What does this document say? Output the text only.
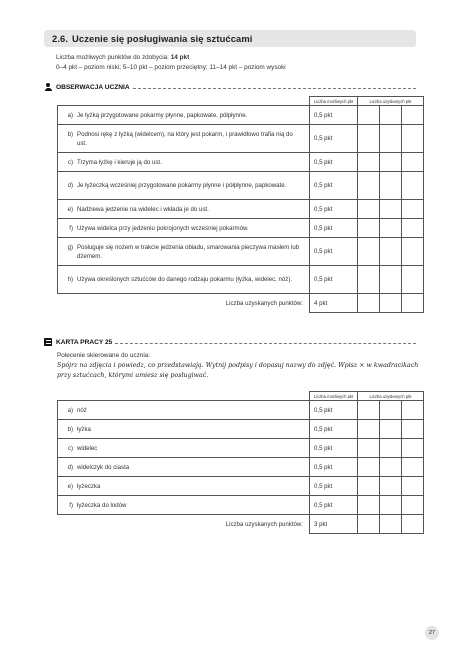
2.6. Uczenie się posługiwania się sztućcami
Liczba możliwych punktów do zdobycia: 14 pkt
0–4 pkt – poziom niski; 5–10 pkt – poziom przeciętny; 11–14 pkt – poziom wysoki
OBSERWACJA UCZNIA
	Liczba możliwych pkt	Liczba uzyskanych pkt		

a) Je łyżką przygotowane pokarmy płynne, papkowate, półpłynne.	0,5 pkt			

b) Podnosi rękę z łyżką (widelcem), na który jest pokarm, i prawidłowo trafia nią do ust.	0,5 pkt			

c) Trzyma łyżkę i kieruje ją do ust.	0,5 pkt			

d) Je łyżeczką wcześniej przygotowane pokarmy płynne i półpłynne, papkowate.	0,5 pkt			

e) Nadziewa jedzenie na widelec i wkłada je do ust.	0,5 pkt			

f) Używa widelca przy jedzeniu pokrojonych wcześniej pokarmów.	0,5 pkt			

g) Posługuje się nożem w trakcie jedzenia obiadu, smarowania pieczywa masłem lub dżemem.	0,5 pkt			

h) Używa określonych sztućców do danego rodzaju pokarmu (łyżka, widelec, nóż).	0,5 pkt			
Liczba uzyskanych punktów:	4 pkt			
KARTA PRACY 25
Polecenie skierowane do ucznia:
Spójrz na zdjęcia i powiedz, co przedstawiają. Wytnij podpisy i dopasuj nazwy do zdjęć. Wpisz × w kwadracikach przy sztućcach, którymi umiesz się posługiwać.
	Liczba możliwych pkt	Liczba uzyskanych pkt		

a) nóż	0,5 pkt			

b) łyżka	0,5 pkt			

c) widelec	0,5 pkt			

d) widelczyk do ciasta	0,5 pkt			

e) łyżeczka	0,5 pkt			

f) łyżeczka do lodów	0,5 pkt			
Liczba uzyskanych punktów:	3 pkt			
27
